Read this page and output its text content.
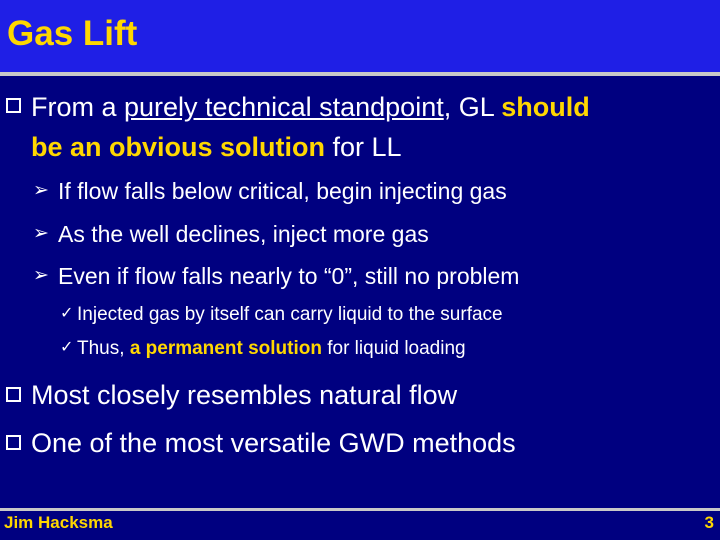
Gas Lift
From a purely technical standpoint, GL should
be an obvious solution for LL
➢ If flow falls below critical, begin injecting gas
➢ As the well declines, inject more gas
➢ Even if flow falls nearly to “0”, still no problem
✓ Injected gas by itself can carry liquid to the surface
✓ Thus, a permanent solution for liquid loading
Most closely resembles natural flow
One of the most versatile GWD methods
Jim Hacksma	3
